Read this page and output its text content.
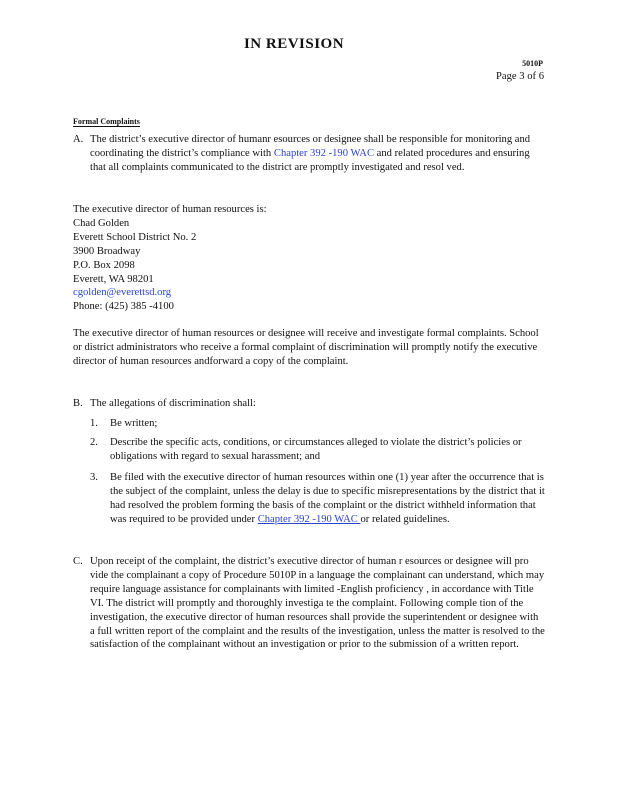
IN REVISION
5010P
Page 3 of 6
Formal Complaints
A. The district’s executive director of humanr esources or designee shall be responsible for monitoring and coordinating the district’s compliance with Chapter 392 -190 WAC and related procedures and ensuring that all complaints communicated to the district are promptly investigated and resol ved.

The executive director of human resources is:

Chad Golden

Everett School District No. 2

3900 Broadway

P.O. Box 2098

Everett, WA 98201

cgolden@everettsd.org

Phone: (425) 385 -4100

The executive director of human resources or designee will receive and investigate formal complaints. School or district administrators who receive a formal complaint of discrimination will promptly notify the executive director of human resources andforward a copy of the complaint.

B. The allegations of discrimination shall:

1. Be written;

2. Describe the specific acts, conditions, or circumstances alleged to violate the district’s policies or obligations with regard to sexual harassment; and

3. Be filed with the executive director of human resources within one (1) year after the occurrence that is the subject of the complaint, unless the delay is due to specific misrepresentations by the district that it had resolved the problem forming the basis of the complaint or the district withheld information that was required to be provided under Chapter 392 -190 WAC or related guidelines.

C. Upon receipt of the complaint, the district’s executive director of human r esources or designee will pro vide the complainant a copy of Procedure 5010P in a language the complainant can understand, which may require language assistance for complainants with limited -English proficiency , in accordance with Title VI. The district will promptly and thoroughly investiga te the complaint. Following comple tion of the investigation, the executive director of human resources shall provide the superintendent or designee with a full written report of the complaint and the results of the investigation, unless the matter is resolved to the satisfaction of the complainant without an investigation or prior to the submission of a written report.
